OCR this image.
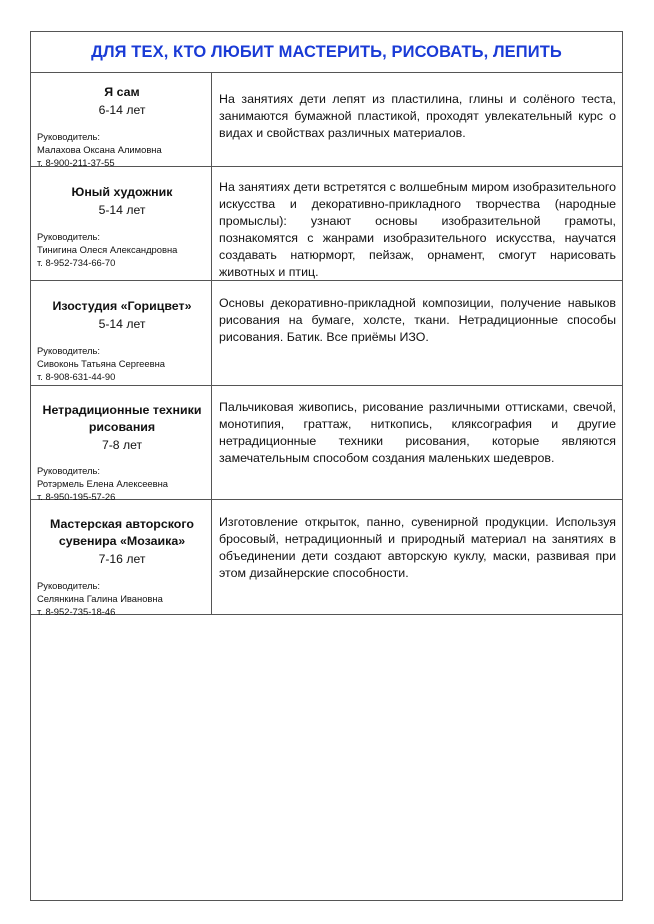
ДЛЯ ТЕХ, КТО ЛЮБИТ МАСТЕРИТЬ, РИСОВАТЬ, ЛЕПИТЬ
Я сам
6-14 лет
Руководитель:
Малахова Оксана Алимовна
т. 8-900-211-37-55
На занятиях дети лепят из пластилина, глины и солёного теста, занимаются бумажной пластикой, проходят увлекательный курс о видах и свойствах различных материалов.
Юный художник
5-14 лет
Руководитель:
Тинигина Олеся Александровна
т. 8-952-734-66-70
На занятиях дети встретятся с волшебным миром изобразительного искусства и декоративно-прикладного творчества (народные промыслы): узнают основы изобразительной грамоты, познакомятся с жанрами изобразительного искусства, научатся создавать натюрморт, пейзаж, орнамент, смогут нарисовать животных и птиц.
Изостудия «Горицвет»
5-14 лет
Руководитель:
Сивоконь Татьяна Сергеевна
т. 8-908-631-44-90
Основы декоративно-прикладной композиции, получение навыков рисования на бумаге, холсте, ткани. Нетрадиционные способы рисования. Батик. Все приёмы ИЗО.
Нетрадиционные техники рисования
7-8 лет
Руководитель:
Ротэрмель Елена Алексеевна
т. 8-950-195-57-26
Пальчиковая живопись, рисование различными оттисками, свечой, монотипия, граттаж, ниткопись, кляксография и другие нетрадиционные техники рисования, которые являются замечательным способом создания маленьких шедевров.
Мастерская авторского сувенира «Мозаика»
7-16 лет
Руководитель:
Селянкина Галина Ивановна
т. 8-952-735-18-46
Изготовление открыток, панно, сувенирной продукции. Используя бросовый, нетрадиционный и природный материал на занятиях в объединении дети создают авторскую куклу, маски, развивая при этом дизайнерские способности.
